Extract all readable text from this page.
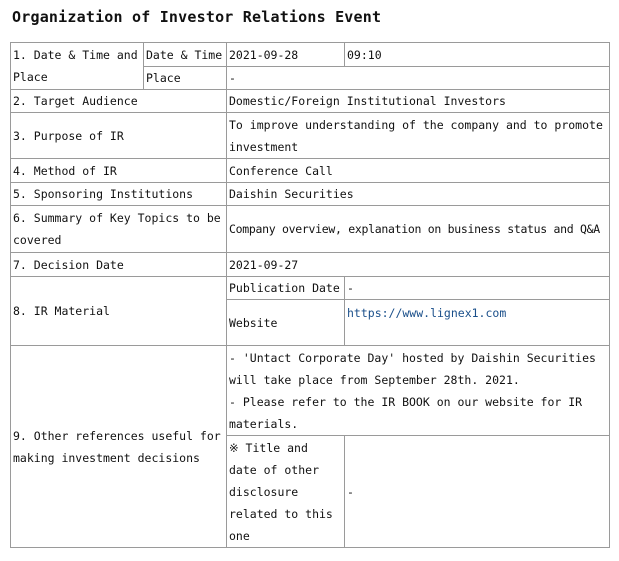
Organization of Investor Relations Event
1. Date & Time and Place	Date & Time	2021-09-28	09:10
	Place	-	
2. Target Audience		Domestic/Foreign Institutional Investors	
3. Purpose of IR		To improve understanding of the company and to promote investment	
4. Method of IR		Conference Call	
5. Sponsoring Institutions		Daishin Securities	
6. Summary of Key Topics to be covered		Company overview, explanation on business status and Q&A	
7. Decision Date		2021-09-27	
8. IR Material		Publication Date	-
		Website	https://www.lignex1.com
9. Other references useful for making investment decisions		- 'Untact Corporate Day' hosted by Daishin Securities will take place from September 28th. 2021.
- Please refer to the IR BOOK on our website for IR materials.	

		※ Title and date of other disclosure related to this one	-
